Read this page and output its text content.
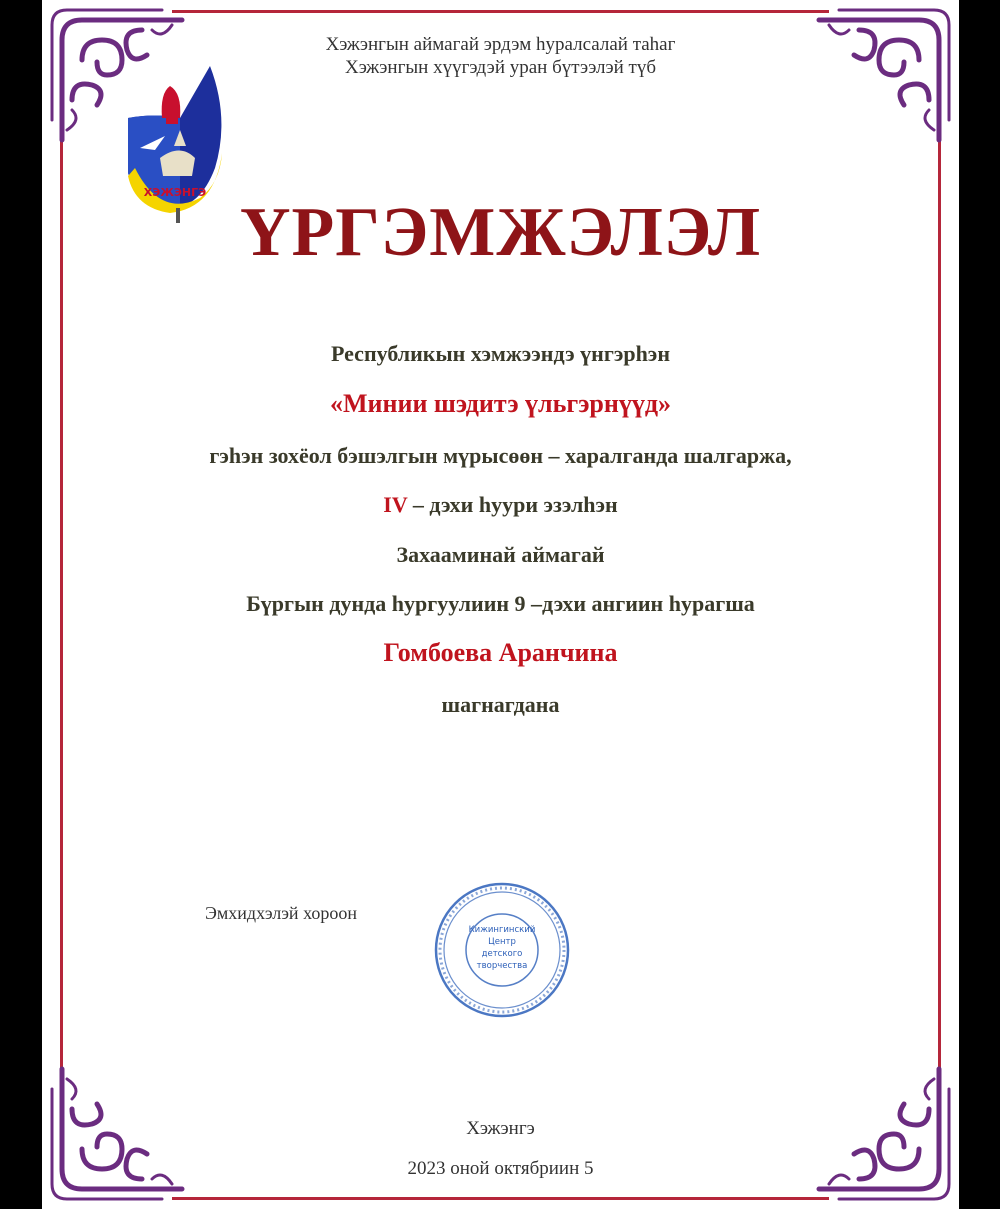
ХЭЖЭНГЭ
Хэжэнгын аймагай эрдэм һуралсалай таһаг
Хэжэнгын хүүгэдэй уран бүтээлэй түб
ҮРГЭМЖЭЛЭЛ
Республикын хэмжээндэ үнгэрһэн
«Минии шэдитэ үльгэрнүүд»
гэһэн зохёол бэшэлгын мүрысөөн – харалганда шалгаржа,
IV – дэхи һуури эзэлһэн
Захааминай аймагай
Бүргын дунда һургуулиин 9 –дэхи ангиин һурагша
Гомбоева Аранчина
шагнагдана
Эмхидхэлэй хороон
Кижингинский
Центр
детского
творчества
Хэжэнгэ
2023 оной октябриин 5
